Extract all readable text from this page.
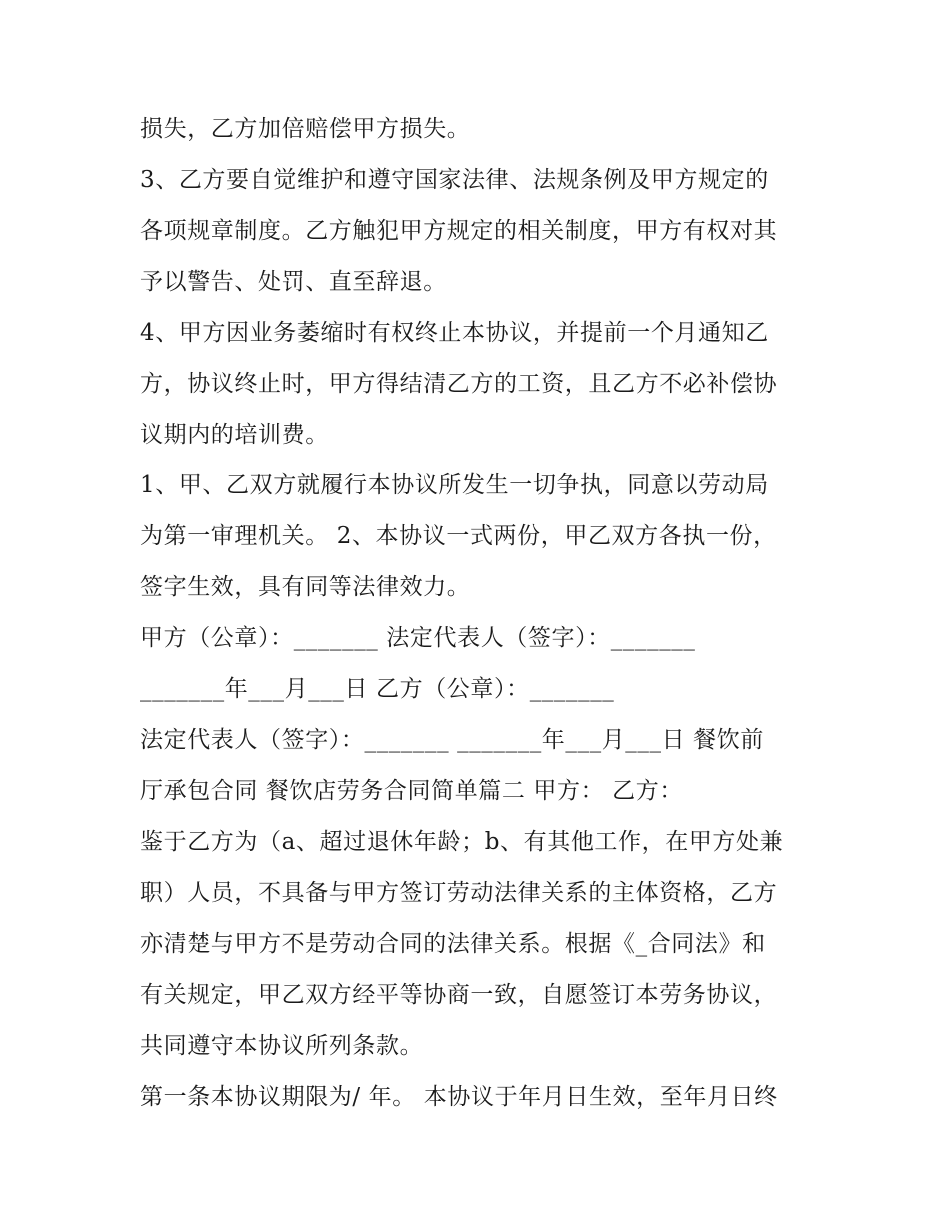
损失，乙方加倍赔偿甲方损失。
3、乙方要自觉维护和遵守国家法律、法规条例及甲方规定的
各项规章制度。乙方触犯甲方规定的相关制度，甲方有权对其
予以警告、处罚、直至辞退。
4、甲方因业务萎缩时有权终止本协议，并提前一个月通知乙
方，协议终止时，甲方得结清乙方的工资，且乙方不必补偿协
议期内的培训费。
1、甲、乙双方就履行本协议所发生一切争执，同意以劳动局
为第一审理机关。 2、本协议一式两份，甲乙双方各执一份，
签字生效，具有同等法律效力。
甲方（公章）：_______ 法定代表人（签字）：_______
_______年___月___日 乙方（公章）：_______
法定代表人（签字）：_______ _______年___月___日 餐饮前
厅承包合同 餐饮店劳务合同简单篇二 甲方： 乙方：
鉴于乙方为（a、超过退休年龄；b、有其他工作，在甲方处兼
职）人员，不具备与甲方签订劳动法律关系的主体资格，乙方
亦清楚与甲方不是劳动合同的法律关系。根据《_合同法》和
有关规定，甲乙双方经平等协商一致，自愿签订本劳务协议，
共同遵守本协议所列条款。
第一条本协议期限为/ 年。 本协议于年月日生效，至年月日终
